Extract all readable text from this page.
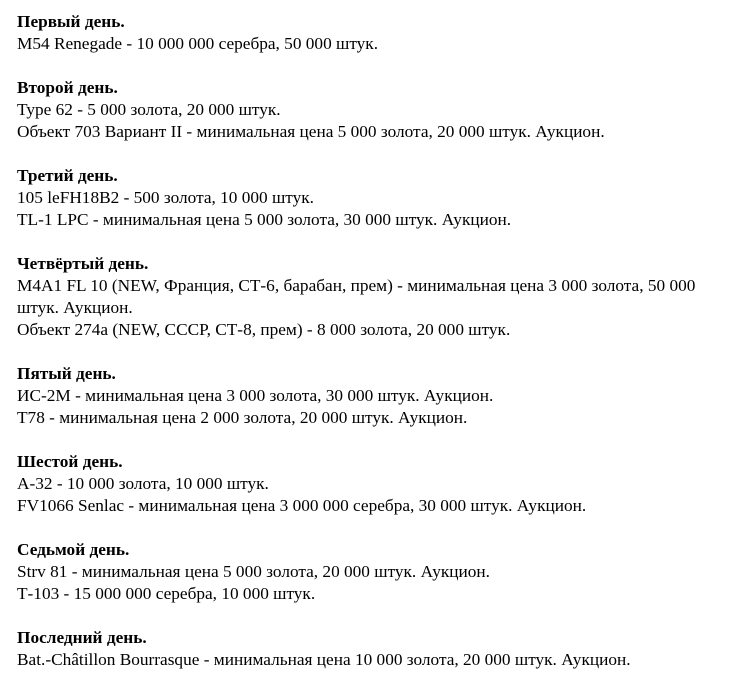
Первый день.
M54 Renegade - 10 000 000 серебра, 50 000 штук.
Второй день.
Type 62 - 5 000 золота, 20 000 штук.
Объект 703 Вариант II - минимальная цена 5 000 золота, 20 000 штук. Аукцион.
Третий день.
105 leFH18B2 - 500 золота, 10 000 штук.
TL-1 LPC - минимальная цена 5 000 золота, 30 000 штук. Аукцион.
Четвёртый день.
M4A1 FL 10 (NEW, Франция, СТ-6, барабан, прем) - минимальная цена 3 000 золота, 50 000 штук. Аукцион.
Объект 274а (NEW, СССР, СТ-8, прем) - 8 000 золота, 20 000 штук.
Пятый день.
ИС-2М - минимальная цена 3 000 золота, 30 000 штук. Аукцион.
T78 - минимальная цена 2 000 золота, 20 000 штук. Аукцион.
Шестой день.
А-32 - 10 000 золота, 10 000 штук.
FV1066 Senlac - минимальная цена 3 000 000 серебра, 30 000 штук. Аукцион.
Седьмой день.
Strv 81 - минимальная цена 5 000 золота, 20 000 штук. Аукцион.
Т-103 - 15 000 000 серебра, 10 000 штук.
Последний день.
Bat.-Châtillon Bourrasque - минимальная цена 10 000 золота, 20 000 штук. Аукцион.
